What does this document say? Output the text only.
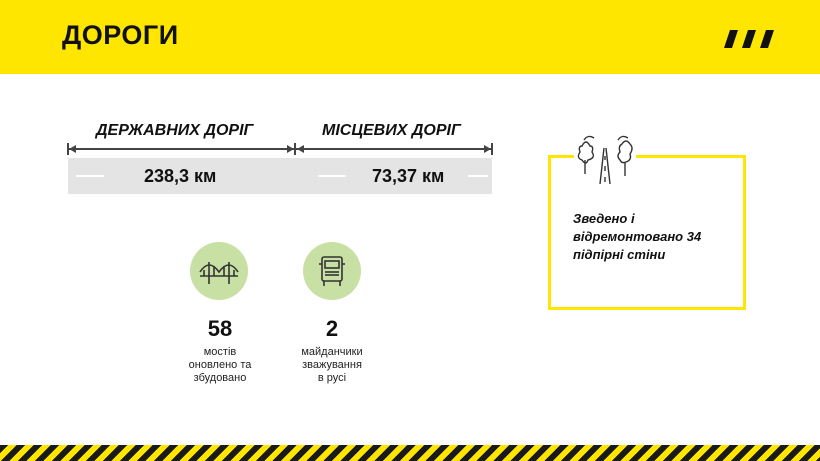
ДОРОГИ
ДЕРЖАВНИХ ДОРІГ	МІСЦЕВИХ ДОРІГ
238,3 км	73,37 км
58
мостів
оновлено та
збудовано
2
майданчики
зважування
в русі
Зведено і
відремонтовано 34
підпірні стіни
